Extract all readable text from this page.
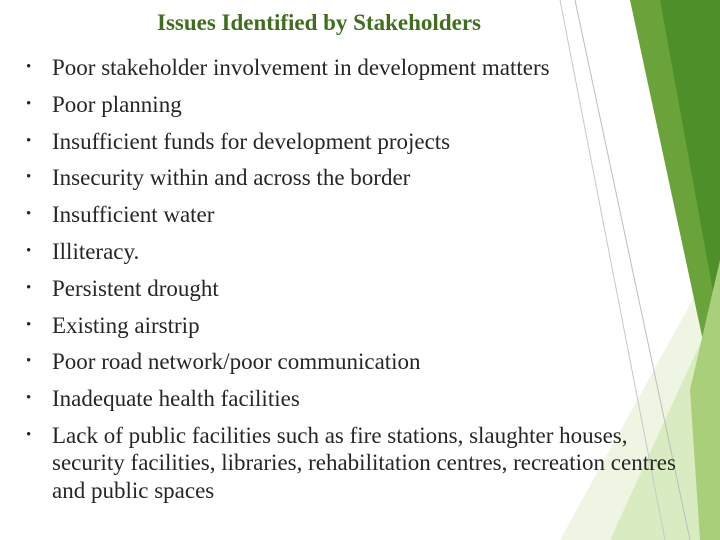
Issues Identified by Stakeholders
• Poor stakeholder involvement in development matters
• Poor planning
• Insufficient funds for development projects
• Insecurity within and across the border
• Insufficient water
• Illiteracy.
• Persistent drought
• Existing airstrip
• Poor road network/poor communication
• Inadequate health facilities
• Lack of public facilities such as fire stations, slaughter houses, security facilities, libraries, rehabilitation centres, recreation centres and public spaces
